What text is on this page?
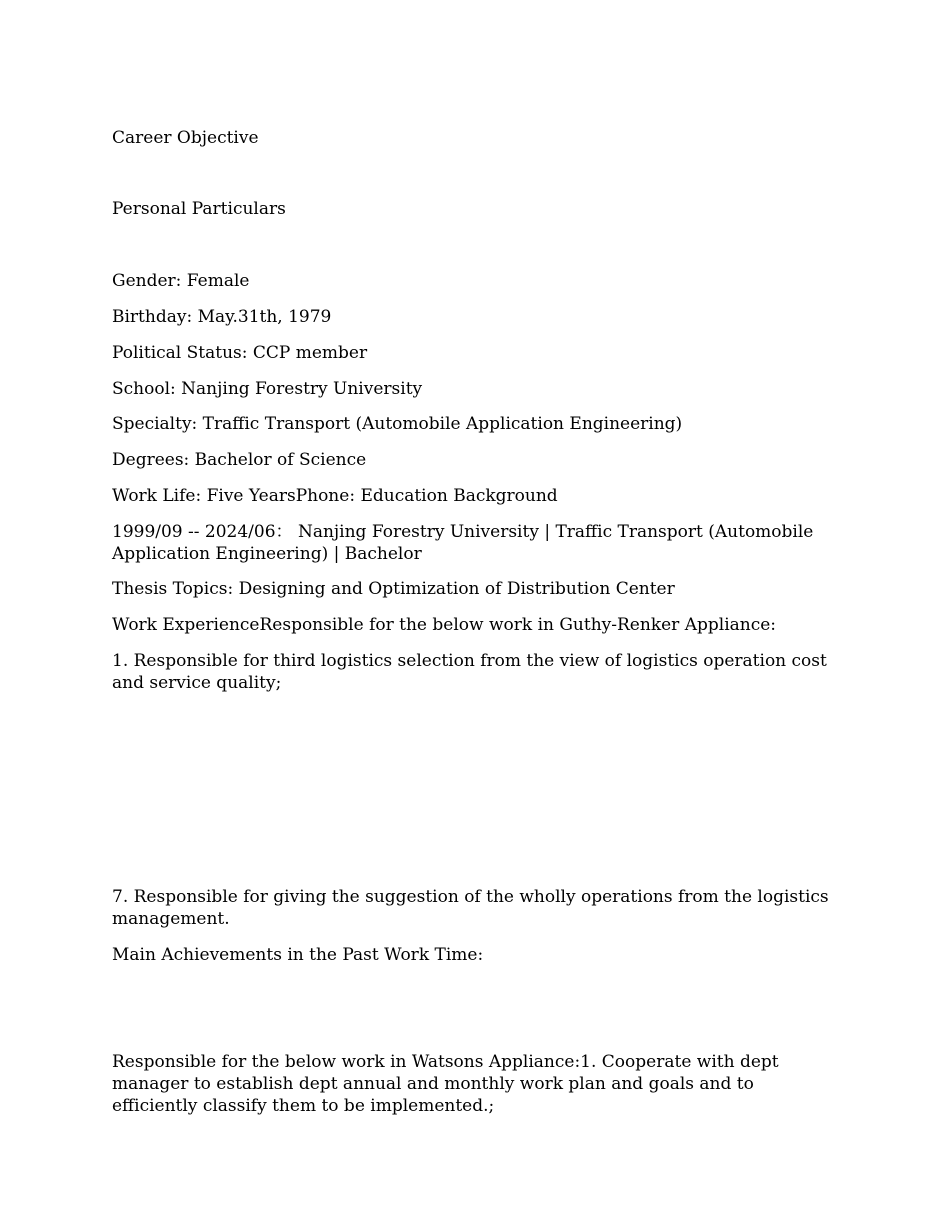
Career Objective

Personal Particulars

Gender: Female

Birthday: May.31th, 1979

Political Status: CCP member

School: Nanjing Forestry University

Specialty: Traffic Transport (Automobile Application Engineering)

Degrees: Bachelor of Science

Work Life: Five YearsPhone: Education Background

1999/09 -- 2024/06： Nanjing Forestry University | Traffic Transport (Automobile Application Engineering) | Bachelor

Thesis Topics: Designing and Optimization of Distribution Center

Work ExperienceResponsible for the below work in Guthy-Renker Appliance:

1. Responsible for third logistics selection from the view of logistics operation cost and service quality;

7. Responsible for giving the suggestion of the wholly operations from the logistics management.

Main Achievements in the Past Work Time:

Responsible for the below work in Watsons Appliance:1. Cooperate with dept manager to establish dept annual and monthly work plan and goals and to efficiently classify them to be implemented.;
